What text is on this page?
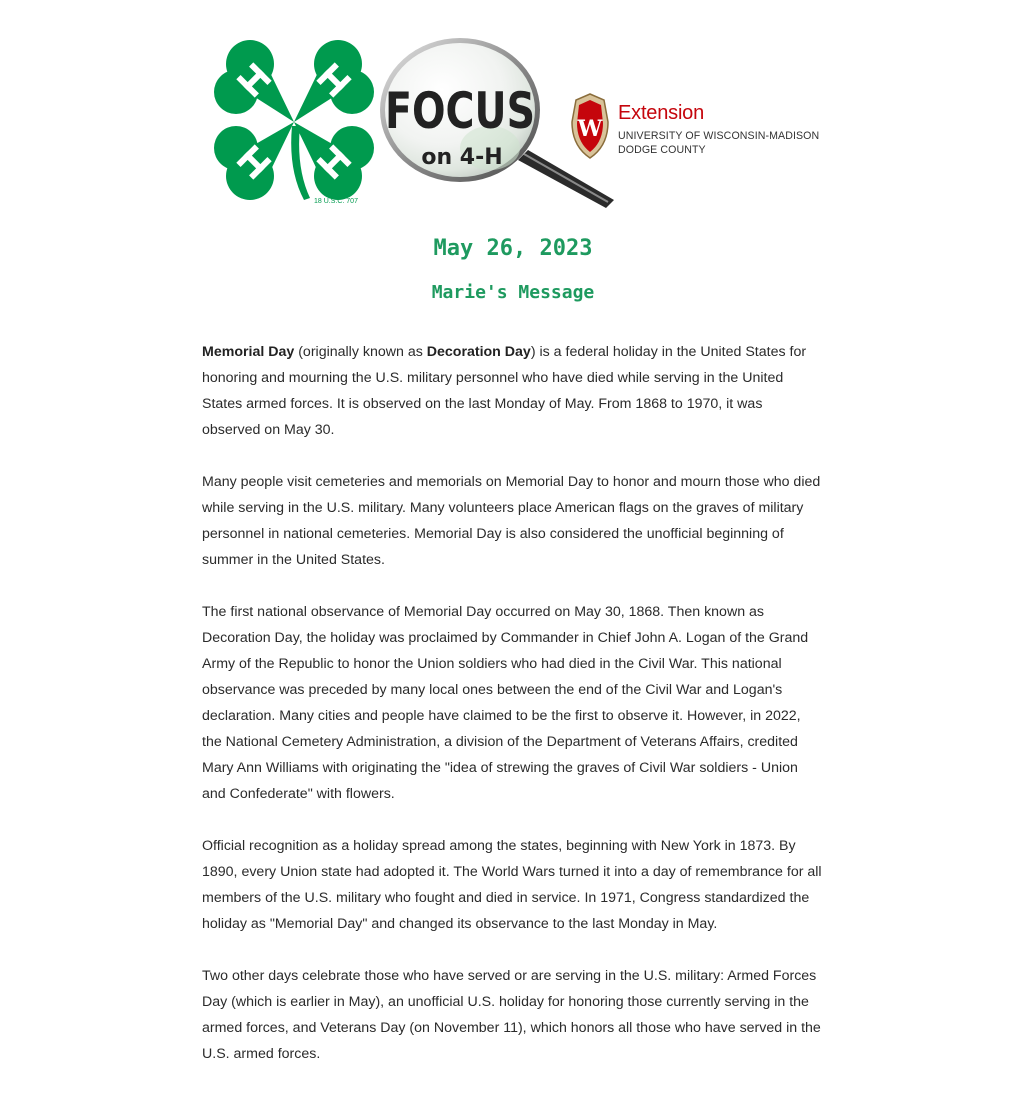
18 U.S.C. 707
FOCUS
on 4-H
W
Extension
UNIVERSITY OF WISCONSIN-MADISON
DODGE COUNTY
May 26, 2023
Marie's Message

Memorial Day (originally known as Decoration Day) is a federal holiday in the United States for honoring and mourning the U.S. military personnel who have died while serving in the United States armed forces. It is observed on the last Monday of May. From 1868 to 1970, it was observed on May 30.

Many people visit cemeteries and memorials on Memorial Day to honor and mourn those who died while serving in the U.S. military. Many volunteers place American flags on the graves of military personnel in national cemeteries. Memorial Day is also considered the unofficial beginning of summer in the United States.

The first national observance of Memorial Day occurred on May 30, 1868. Then known as Decoration Day, the holiday was proclaimed by Commander in Chief John A. Logan of the Grand Army of the Republic to honor the Union soldiers who had died in the Civil War. This national observance was preceded by many local ones between the end of the Civil War and Logan's declaration. Many cities and people have claimed to be the first to observe it. However, in 2022, the National Cemetery Administration, a division of the Department of Veterans Affairs, credited Mary Ann Williams with originating the "idea of strewing the graves of Civil War soldiers - Union and Confederate" with flowers.

Official recognition as a holiday spread among the states, beginning with New York in 1873. By 1890, every Union state had adopted it. The World Wars turned it into a day of remembrance for all members of the U.S. military who fought and died in service. In 1971, Congress standardized the holiday as "Memorial Day" and changed its observance to the last Monday in May.

Two other days celebrate those who have served or are serving in the U.S. military: Armed Forces Day (which is earlier in May), an unofficial U.S. holiday for honoring those currently serving in the armed forces, and Veterans Day (on November 11), which honors all those who have served in the U.S. armed forces.
